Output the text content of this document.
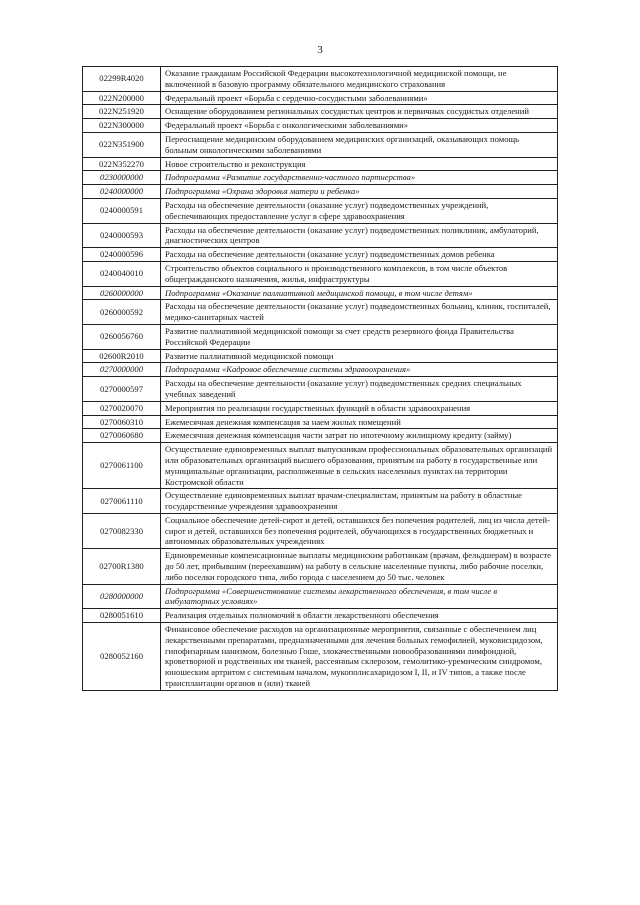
3
02299R4020	Оказание гражданам Российской Федерации высокотехнологичной медицинской помощи, не включенной в базовую программу обязательного медицинского страхования
022N200000	Федеральный проект «Борьба с сердечно-сосудистыми заболеваниями»
022N251920	Оснащение оборудованием региональных сосудистых центров и первичных сосудистых отделений
022N300000	Федеральный проект «Борьба с онкологическими заболеваниями»
022N351900	Переоснащение медицинским оборудованием медицинских организаций, оказывающих помощь больным онкологическими заболеваниями
022N352270	Новое строительство и реконструкция
0230000000	Подпрограмма «Развитие государственно-частного партнерства»
0240000000	Подпрограмма «Охрана здоровья матери и ребенка»
0240000591	Расходы на обеспечение деятельности (оказание услуг) подведомственных учреждений, обеспечивающих предоставление услуг в сфере здравоохранения
0240000593	Расходы на обеспечение деятельности (оказание услуг) подведомственных поликлиник, амбулаторий, диагностических центров
0240000596	Расходы на обеспечение деятельности (оказание услуг) подведомственных домов ребенка
0240040010	Строительство объектов социального и производственного комплексов, в том числе объектов общегражданского назначения, жилья, инфраструктуры
0260000000	Подпрограмма «Оказание паллиативной медицинской помощи, в том числе детям»
0260000592	Расходы на обеспечение деятельности (оказание услуг) подведомственных больниц, клиник, госпиталей, медико-санитарных частей
0260056760	Развитие паллиативной медицинской помощи за счет средств резервного фонда Правительства Российской Федерации
02600R2010	Развитие паллиативной медицинской помощи
0270000000	Подпрограмма «Кадровое обеспечение системы здравоохранения»
0270000597	Расходы на обеспечение деятельности (оказание услуг) подведомственных средних специальных учебных заведений
0270020070	Мероприятия по реализации государственных функций в области здравоохранения
0270060310	Ежемесячная денежная компенсация за наем жилых помещений
0270060680	Ежемесячная денежная компенсация части затрат по ипотечному жилищному кредиту (займу)
0270061100	Осуществление единовременных выплат выпускникам профессиональных образовательных организаций или образовательных организаций высшего образования, принятым на работу в государственные или муниципальные организации, расположенные в сельских населенных пунктах на территории Костромской области
0270061110	Осуществление единовременных выплат врачам-специалистам, принятым на работу в областные государственные учреждения здравоохранения
0270082330	Социальное обеспечение детей-сирот и детей, оставшихся без попечения родителей, лиц из числа детей-сирот и детей, оставшихся без попечения родителей, обучающихся в государственных бюджетных и автономных образовательных учреждениях
02700R1380	Единовременные компенсационные выплаты медицинским работникам (врачам, фельдшерам) в возрасте до 50 лет, прибывшим (переехавшим) на работу в сельские населенные пункты, либо рабочие поселки, либо поселки городского типа, либо города с населением до 50 тыс. человек
0280000000	Подпрограмма «Совершенствование системы лекарственного обеспечения, в том числе в амбулаторных условиях»
0280051610	Реализация отдельных полномочий в области лекарственного обеспечения
0280052160	Финансовое обеспечение расходов на организационные мероприятия, связанные с обеспечением лиц лекарственными препаратами, предназначенными для лечения больных гемофилией, муковисцидозом, гипофизарным нанизмом, болезнью Гоше, злокачественными новообразованиями лимфоидной, кроветворной и родственных им тканей, рассеянным склерозом, гемолитико-уремическим синдромом, юношеским артритом с системным началом, мукополисахаридозом I, II, и IV типов, а также после трансплантации органов и (или) тканей
